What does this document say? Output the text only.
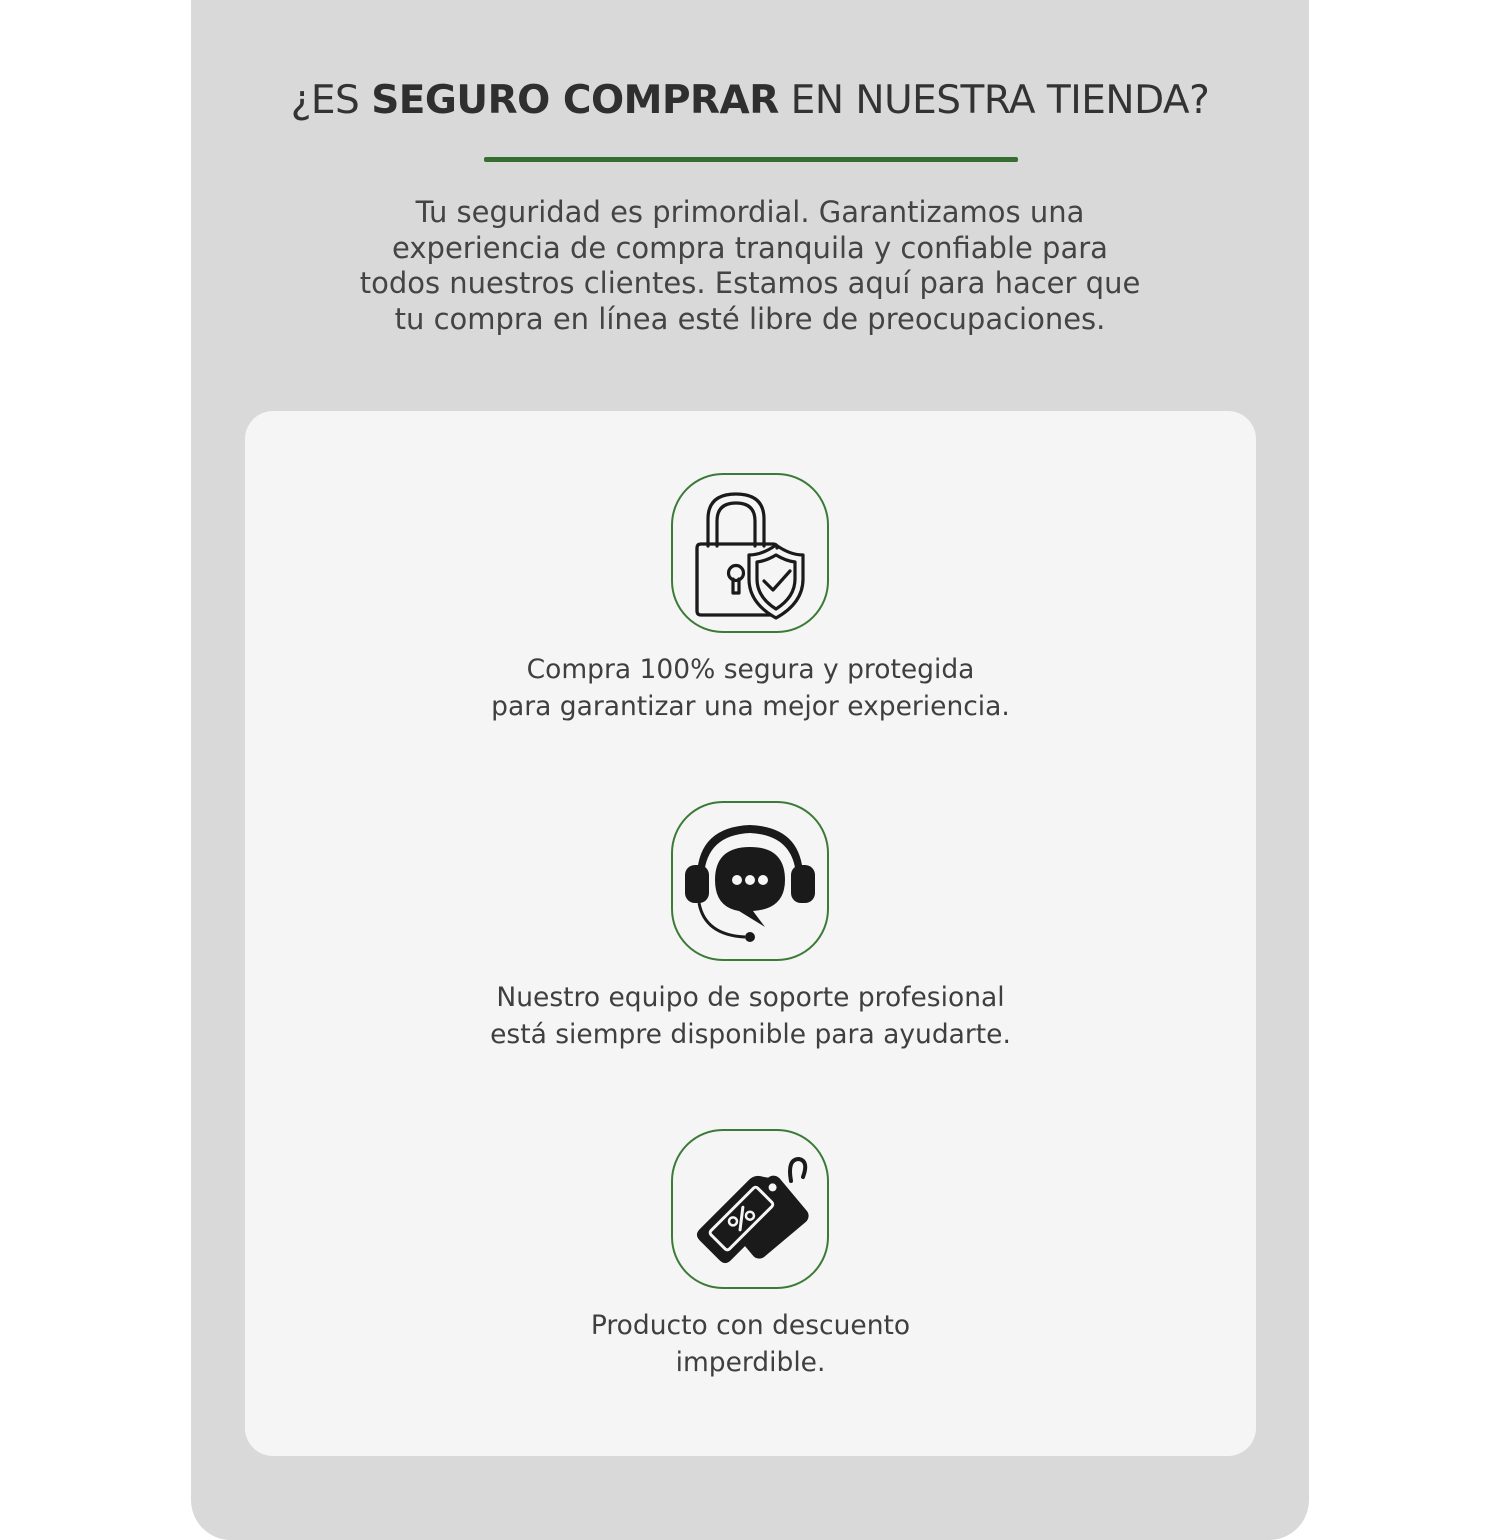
¿ES SEGURO COMPRAR EN NUESTRA TIENDA?
Tu seguridad es primordial. Garantizamos una
experiencia de compra tranquila y confiable para
todos nuestros clientes. Estamos aquí para hacer que
tu compra en línea esté libre de preocupaciones.
Compra 100% segura y protegida
para garantizar una mejor experiencia.
Nuestro equipo de soporte profesional
está siempre disponible para ayudarte.
Producto con descuento
imperdible.
